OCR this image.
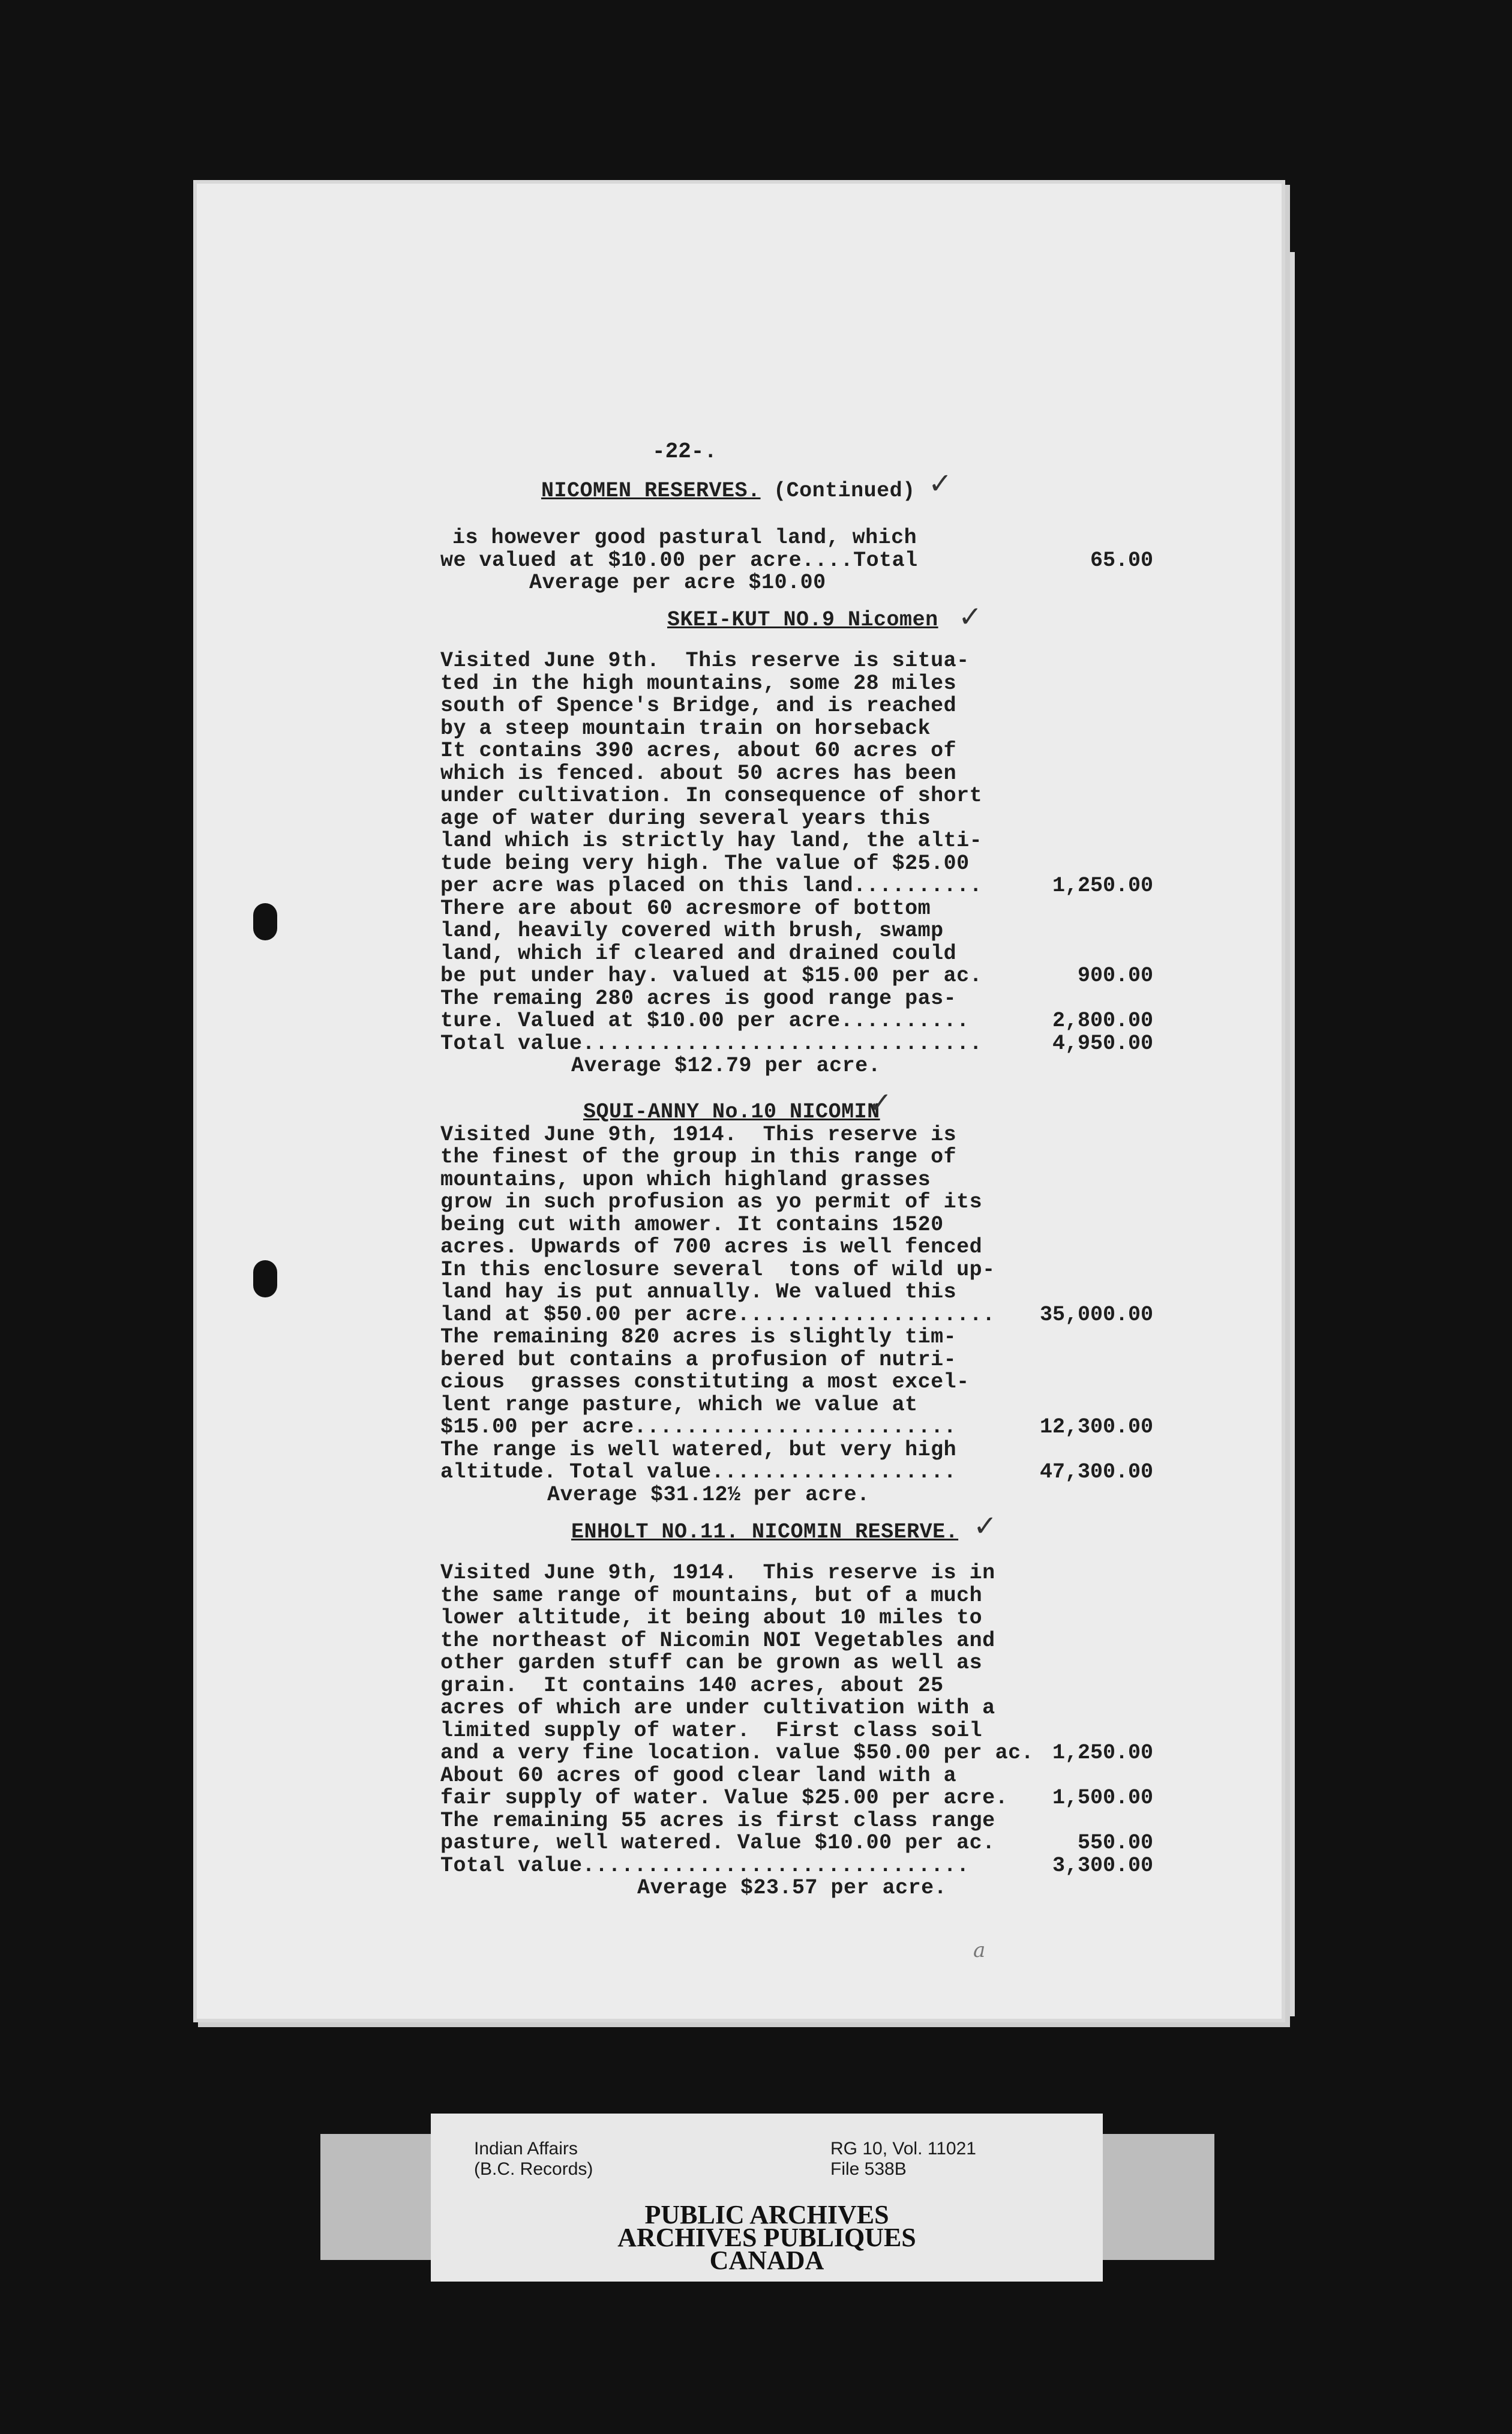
-22-.
NICOMEN RESERVES. (Continued) ✓
a
is however good pastural land, which
we valued at $10.00 per acre....Total	65.00
Average per acre $10.00
SKEI-KUT NO.9 Nicomen ✓
Visited June 9th.  This reserve is situa-
ted in the high mountains, some 28 miles
south of Spence's Bridge, and is reached
by a steep mountain train on horseback
It contains 390 acres, about 60 acres of
which is fenced. about 50 acres has been
under cultivation. In consequence of short
age of water during several years this
land which is strictly hay land, the alti-
tude being very high. The value of $25.00
per acre was placed on this land..........
There are about 60 acresmore of bottom
land, heavily covered with brush, swamp
land, which if cleared and drained could
be put under hay. valued at $15.00 per ac.
The remaing 280 acres is good range pas-
ture. Valued at $10.00 per acre..........
Total value...............................
1,250.00
900.00
2,800.00
4,950.00
Average $12.79 per acre.
SQUI-ANNY No.10 NICOMIN
✓
Visited June 9th, 1914.  This reserve is
the finest of the group in this range of
mountains, upon which highland grasses
grow in such profusion as yo permit of its
being cut with amower. It contains 1520
acres. Upwards of 700 acres is well fenced
In this enclosure several  tons of wild up-
land hay is put annually. We valued this
land at $50.00 per acre....................
The remaining 820 acres is slightly tim-
bered but contains a profusion of nutri-
cious  grasses constituting a most excel-
lent range pasture, which we value at
$15.00 per acre.........................
The range is well watered, but very high
altitude. Total value...................
35,000.00
12,300.00
47,300.00
Average $31.12½ per acre.
ENHOLT NO.11. NICOMIN RESERVE. ✓
Visited June 9th, 1914.  This reserve is in
the same range of mountains, but of a much
lower altitude, it being about 10 miles to
the northeast of Nicomin NOI Vegetables and
other garden stuff can be grown as well as
grain.  It contains 140 acres, about 25
acres of which are under cultivation with a
limited supply of water.  First class soil
and a very fine location. value $50.00 per ac.
About 60 acres of good clear land with a
fair supply of water. Value $25.00 per acre.
The remaining 55 acres is first class range
pasture, well watered. Value $10.00 per ac.
Total value..............................
1,250.00
1,500.00
550.00
3,300.00
Average $23.57 per acre.
Indian Affairs
(B.C. Records)
RG 10, Vol. 11021
File 538B
PUBLIC ARCHIVES
ARCHIVES PUBLIQUES
CANADA
